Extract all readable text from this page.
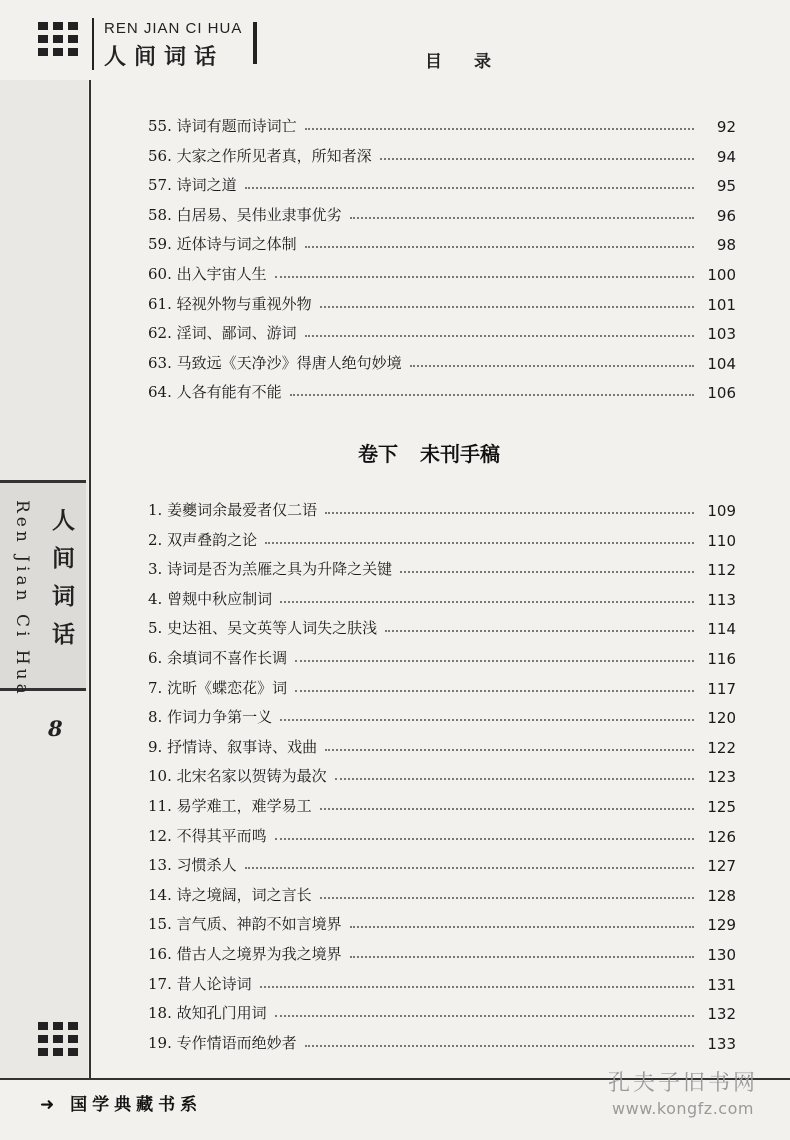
REN JIAN CI HUA
人间词话	目录
Ren Jian Ci Hua 人
间
词
话
8
55. 诗词有题而诗词亡	92
56. 大家之作所见者真，所知者深	94
57. 诗词之道	95
58. 白居易、吴伟业隶事优劣	96
59. 近体诗与词之体制	98
60. 出入宇宙人生	100
61. 轻视外物与重视外物	101
62. 淫词、鄙词、游词	103
63. 马致远《天净沙》得唐人绝句妙境	104
64. 人各有能有不能	106
1. 姜夔词余最爱者仅二语	109
2. 双声叠韵之论	110
3. 诗词是否为羔雁之具为升降之关键	112
4. 曾觌中秋应制词	113
5. 史达祖、吴文英等人词失之肤浅	114
6. 余填词不喜作长调	116
7. 沈昕《蝶恋花》词	117
8. 作词力争第一义	120
9. 抒情诗、叙事诗、戏曲	122
10. 北宋名家以贺铸为最次	123
11. 易学难工，难学易工	125
12. 不得其平而鸣	126
13. 习惯杀人	127
14. 诗之境阔，词之言长	128
15. 言气质、神韵不如言境界	129
16. 借古人之境界为我之境界	130
17. 昔人论诗词	131
18. 故知孔门用词	132
19. 专作情语而绝妙者	133
卷下 未刊手稿
➜ 国学典藏书系
孔夫子旧书网
www.kongfz.com
